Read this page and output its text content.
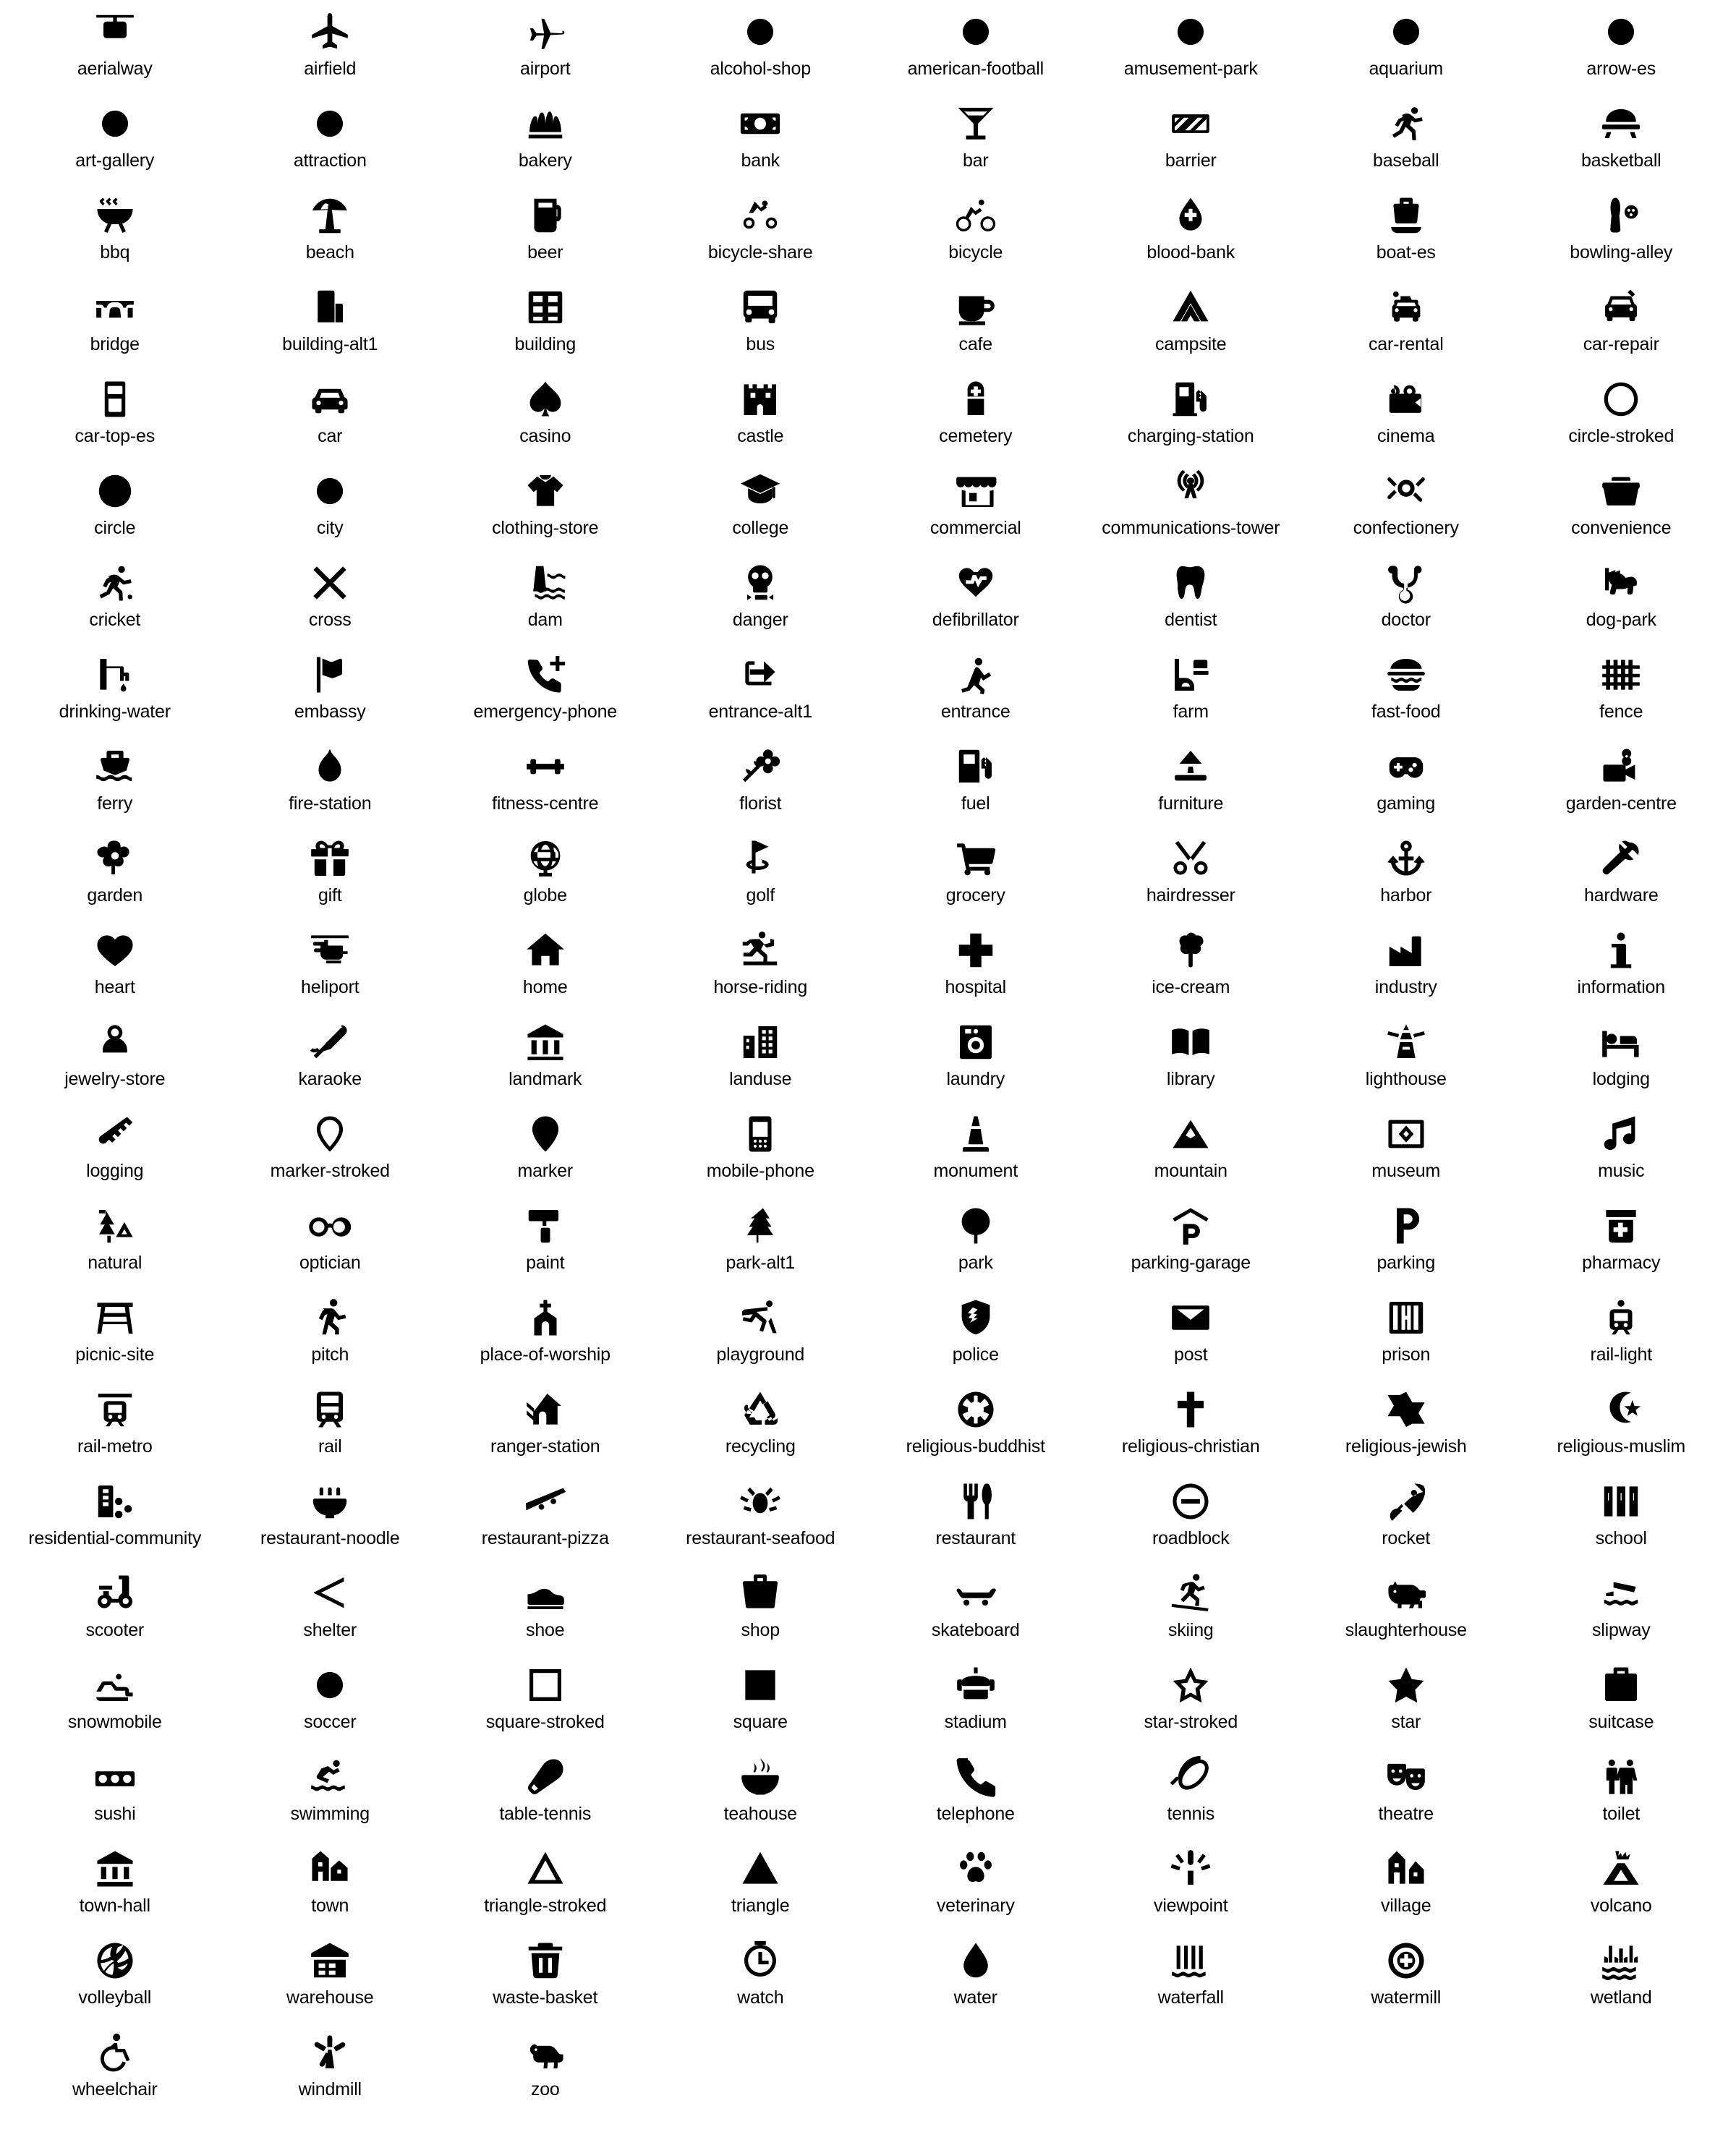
aerialway	airfield	airport	alcohol-shop	american-football	amusement-park	aquarium	arrow-es
art-gallery	attraction	bakery	bank	bar	barrier	baseball	basketball
bbq	beach	beer	bicycle-share	bicycle	blood-bank	boat-es	bowling-alley
bridge	building-alt1	building	bus	cafe	campsite	car-rental	car-repair
car-top-es	car	casino	castle	cemetery	charging-station	cinema	circle-stroked
circle	city	clothing-store	college	commercial	communications-tower	confectionery	convenience
cricket	cross	dam	danger	defibrillator	dentist	doctor	dog-park
drinking-water	embassy	emergency-phone	entrance-alt1	entrance	farm	fast-food	fence
ferry	fire-station	fitness-centre	florist	fuel	furniture	gaming	garden-centre
garden	gift	globe	golf	grocery	hairdresser	harbor	hardware
heart	heliport	home	horse-riding	hospital	ice-cream	industry	information
jewelry-store	karaoke	landmark	landuse	laundry	library	lighthouse	lodging
logging	marker-stroked	marker	mobile-phone	monument	mountain	museum	music
natural	optician	paint	park-alt1	park	parking-garage	parking	pharmacy
picnic-site	pitch	place-of-worship	playground	police	post	prison	rail-light
rail-metro	rail	ranger-station	recycling	religious-buddhist	religious-christian	religious-jewish	religious-muslim
residential-community	restaurant-noodle	restaurant-pizza	restaurant-seafood	restaurant	roadblock	rocket	school
scooter	shelter	shoe	shop	skateboard	skiing	slaughterhouse	slipway
snowmobile	soccer	square-stroked	square	stadium	star-stroked	star	suitcase
sushi	swimming	table-tennis	teahouse	telephone	tennis	theatre	toilet
town-hall	town	triangle-stroked	triangle	veterinary	viewpoint	village	volcano
volleyball	warehouse	waste-basket	watch	water	waterfall	watermill	wetland
wheelchair	windmill	zoo
